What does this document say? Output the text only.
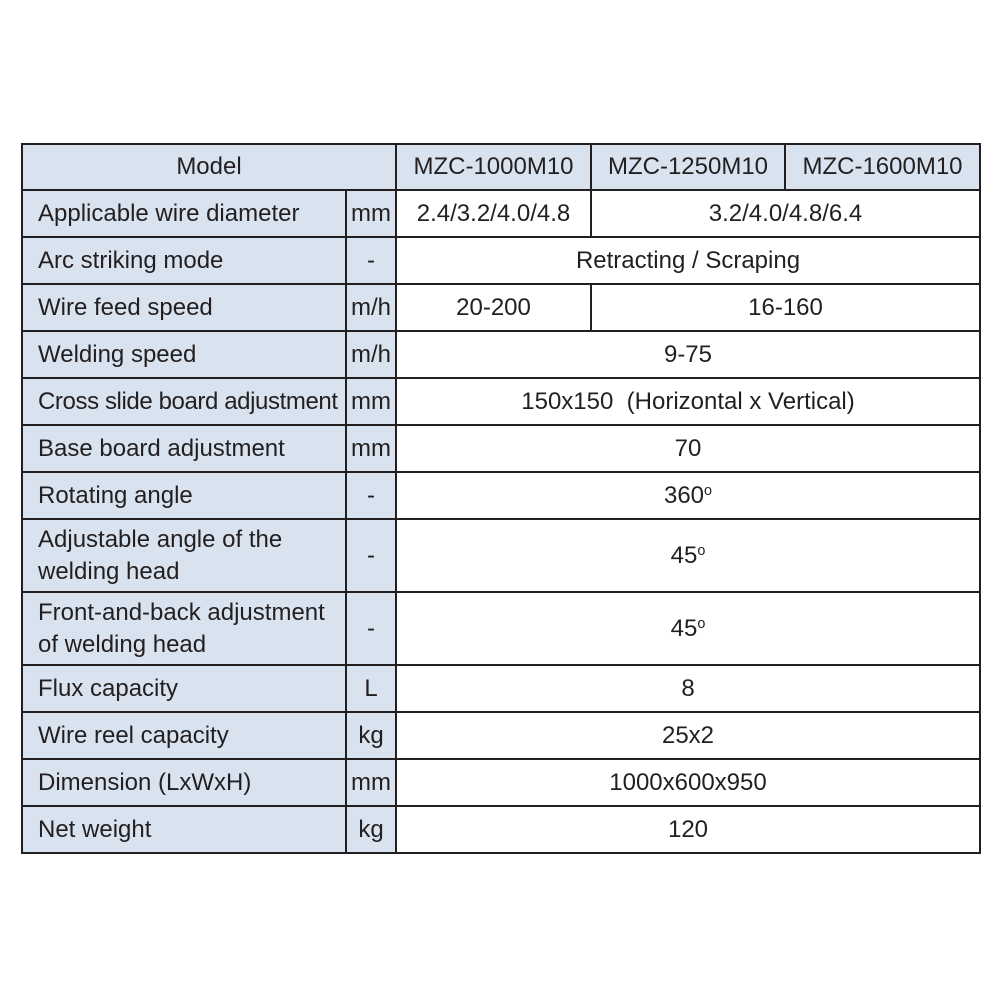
Model		MZC-1000M10	MZC-1250M10	MZC-1600M10
Applicable wire diameter	mm	2.4/3.2/4.0/4.8	3.2/4.0/4.8/6.4	
Arc striking mode	-	Retracting / Scraping		
Wire feed speed	m/h	20-200	16-160	
Welding speed	m/h	9-75		
Cross slide board adjustment	mm	150x150  (Horizontal x Vertical)		
Base board adjustment	mm	70		
Rotating angle	-	360$^o$
Adjustable angle of the
welding head	-	45$^o$
Front-and-back adjustment
of welding head	-	45$^o$
Flux capacity	L	8		
Wire reel capacity	kg	25x2		
Dimension (LxWxH)	mm	1000x600x950		
Net weight	kg	120		
